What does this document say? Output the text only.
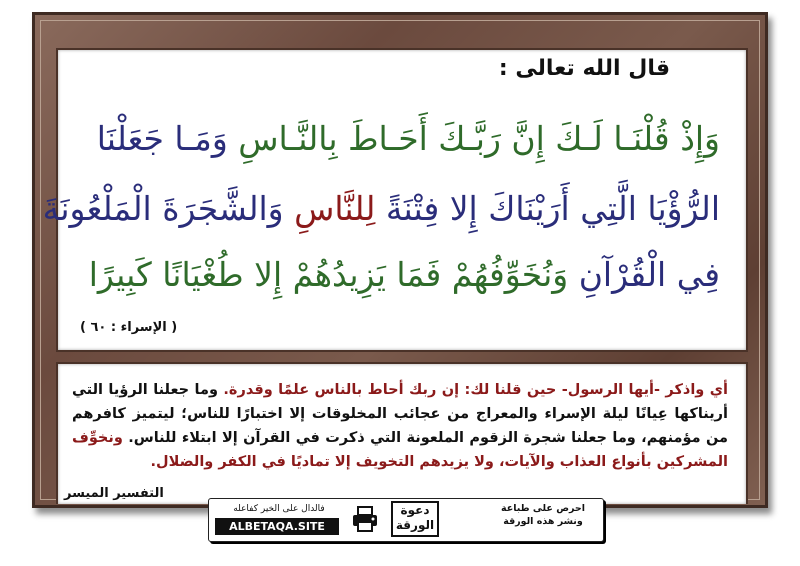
قال الله تعالى :
وَإِذْ قُلْنَـا لَـكَ إِنَّ رَبَّـكَ أَحَـاطَ بِالنَّـاسِ وَمَـا جَعَلْنَا
الرُّؤْيَا الَّتِي أَرَيْنَاكَ إِلا فِتْنَةً لِلنَّاسِ وَالشَّجَرَةَ الْمَلْعُونَةَ
فِي الْقُرْآنِ وَنُخَوِّفُهُمْ فَمَا يَزِيدُهُمْ إِلا طُغْيَانًا كَبِيرًا
( الإسراء : ٦٠ )
أي واذكر -أيها الرسول- حين قلنا لك: إن ربك أحاط بالناس علمًا وقدرة. وما جعلنا الرؤيا التي أريناكها عِيانًا ليلة الإسراء والمعراج من عجائب المخلوقات إلا اختبارًا للناس؛ ليتميز كافرهم من مؤمنهم، وما جعلنا شجرة الزقوم الملعونة التي ذكرت في القرآن إلا ابتلاء للناس. ونخوِّف المشركين بأنواع العذاب والآيات، ولا يزيدهم التخويف إلا تماديًا في الكفر والضلال.
التفسير الميسر
احرص على طباعة ونشر هذه الورقة
دعوة الورقة
فالدال على الخير كفاعله
ALBETAQA.SITE
